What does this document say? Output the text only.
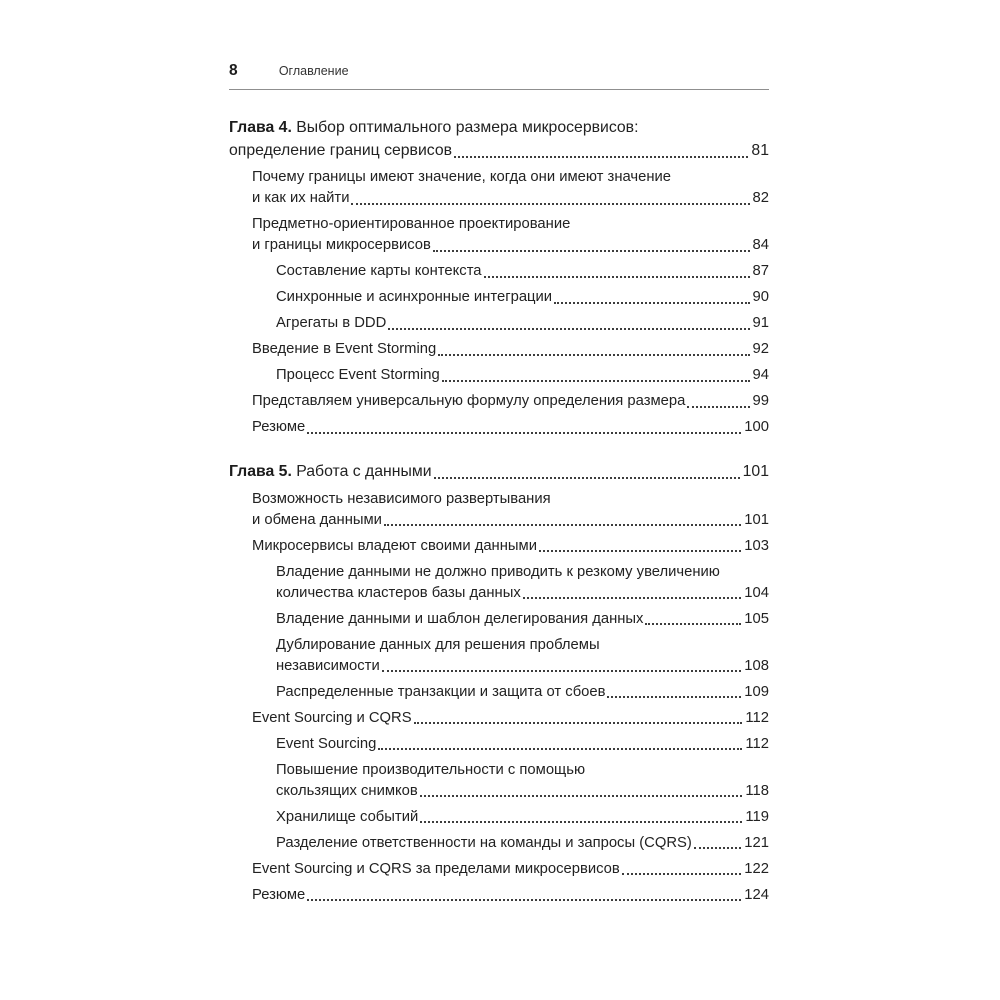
8	Оглавление
Глава 4. Выбор оптимального размера микросервисов:
определение границ сервисов	81
Почему границы имеют значение, когда они имеют значение
и как их найти	82
Предметно-ориентированное проектирование
и границы микросервисов	84
Составление карты контекста	87
Синхронные и асинхронные интеграции	90
Агрегаты в DDD	91
Введение в Event Storming	92
Процесс Event Storming	94
Представляем универсальную формулу определения размера	99
Резюме	100
Глава 5. Работа с данными	101
Возможность независимого развертывания
и обмена данными	101
Микросервисы владеют своими данными	103
Владение данными не должно приводить к резкому увеличению
количества кластеров базы данных	104
Владение данными и шаблон делегирования данных	105
Дублирование данных для решения проблемы
независимости	108
Распределенные транзакции и защита от сбоев	109
Event Sourcing и CQRS	112
Event Sourcing	112
Повышение производительности с помощью
скользящих снимков	118
Хранилище событий	119
Разделение ответственности на команды и запросы (CQRS)	121
Event Sourcing и CQRS за пределами микросервисов	122
Резюме	124
